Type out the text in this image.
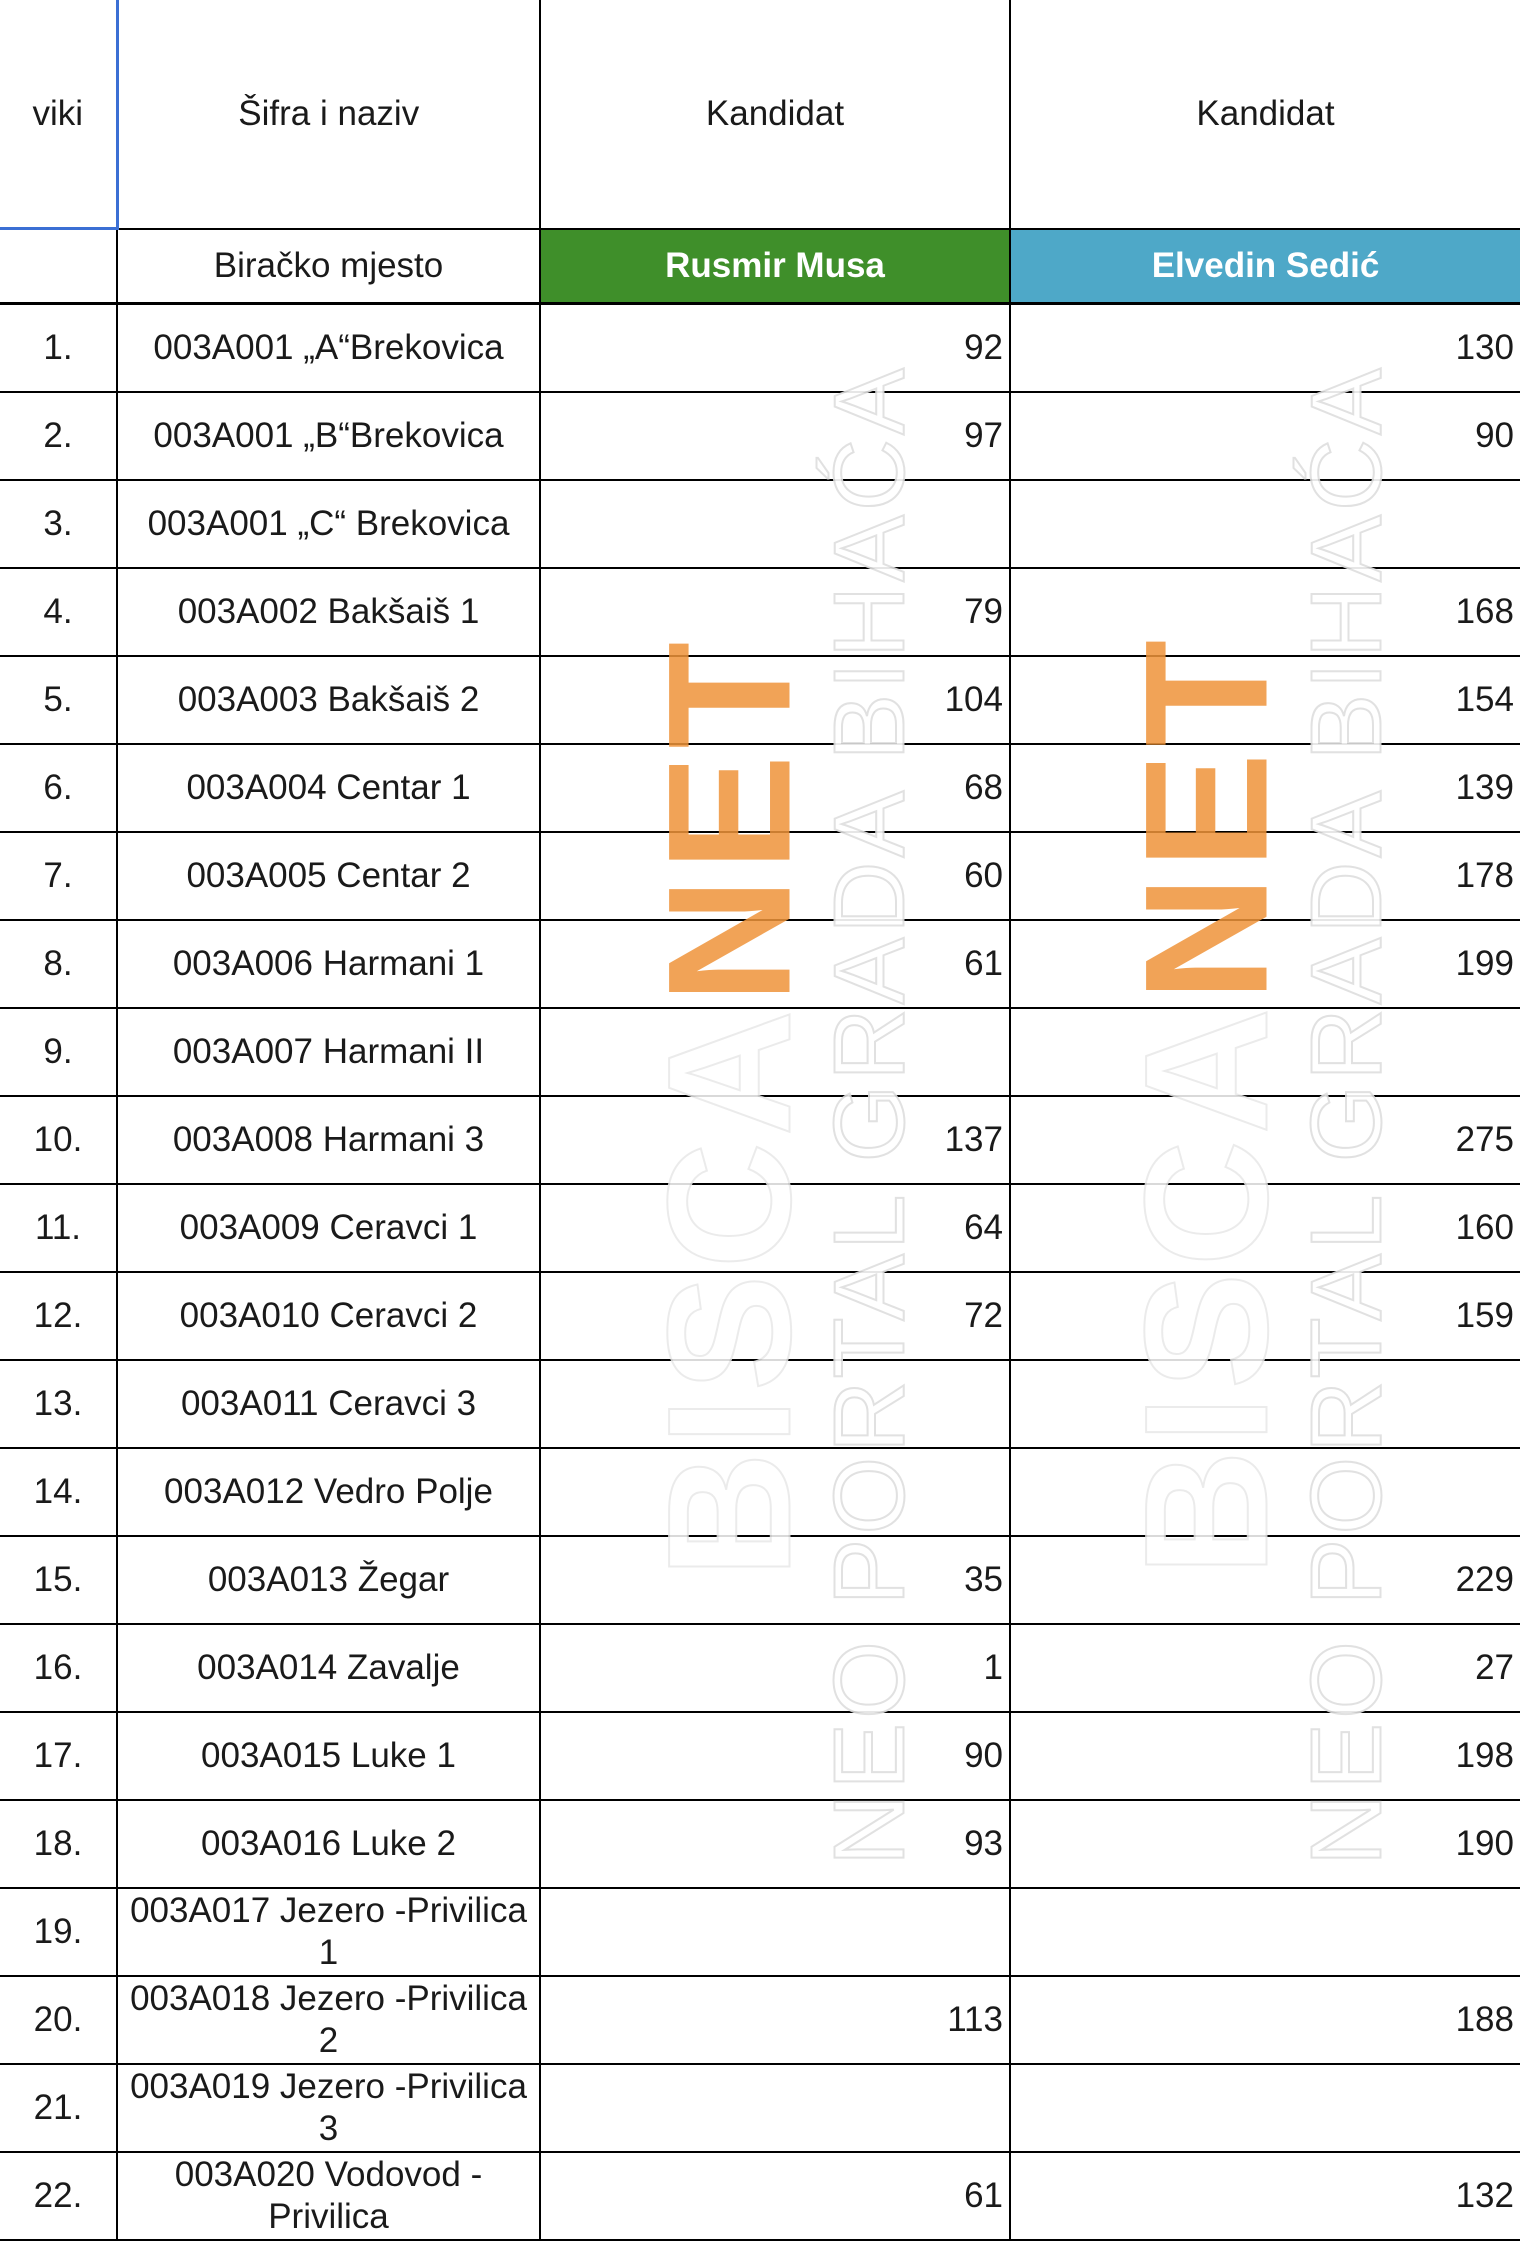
viki	Šifra i naziv	Kandidat	Kandidat
	Biračko mjesto	Rusmir Musa	Elvedin Sedić
1.	003A001 „A“Brekovica	92	130
2.	003A001 „B“Brekovica	97	90
3.	003A001 „C“ Brekovica		
4.	003A002 Bakšaiš 1	79	168
5.	003A003 Bakšaiš 2	104	154
6.	003A004 Centar 1	68	139
7.	003A005 Centar 2	60	178
8.	003A006 Harmani 1	61	199
9.	003A007 Harmani II		
10.	003A008 Harmani 3	137	275
11.	003A009 Ceravci 1	64	160
12.	003A010 Ceravci 2	72	159
13.	003A011 Ceravci 3		
14.	003A012 Vedro Polje		
15.	003A013 Žegar	35	229
16.	003A014 Zavalje	1	27
17.	003A015 Luke 1	90	198
18.	003A016 Luke 2	93	190
19.	003A017 Jezero -Privilica 1		
20.	003A018 Jezero -Privilica 2	113	188
21.	003A019 Jezero -Privilica 3		
22.	003A020 Vodovod -Privilica	61	132
BISCANET
NEO PORTAL GRADA BIHAĆA BISCANET
NEO PORTAL GRADA BIHAĆA
